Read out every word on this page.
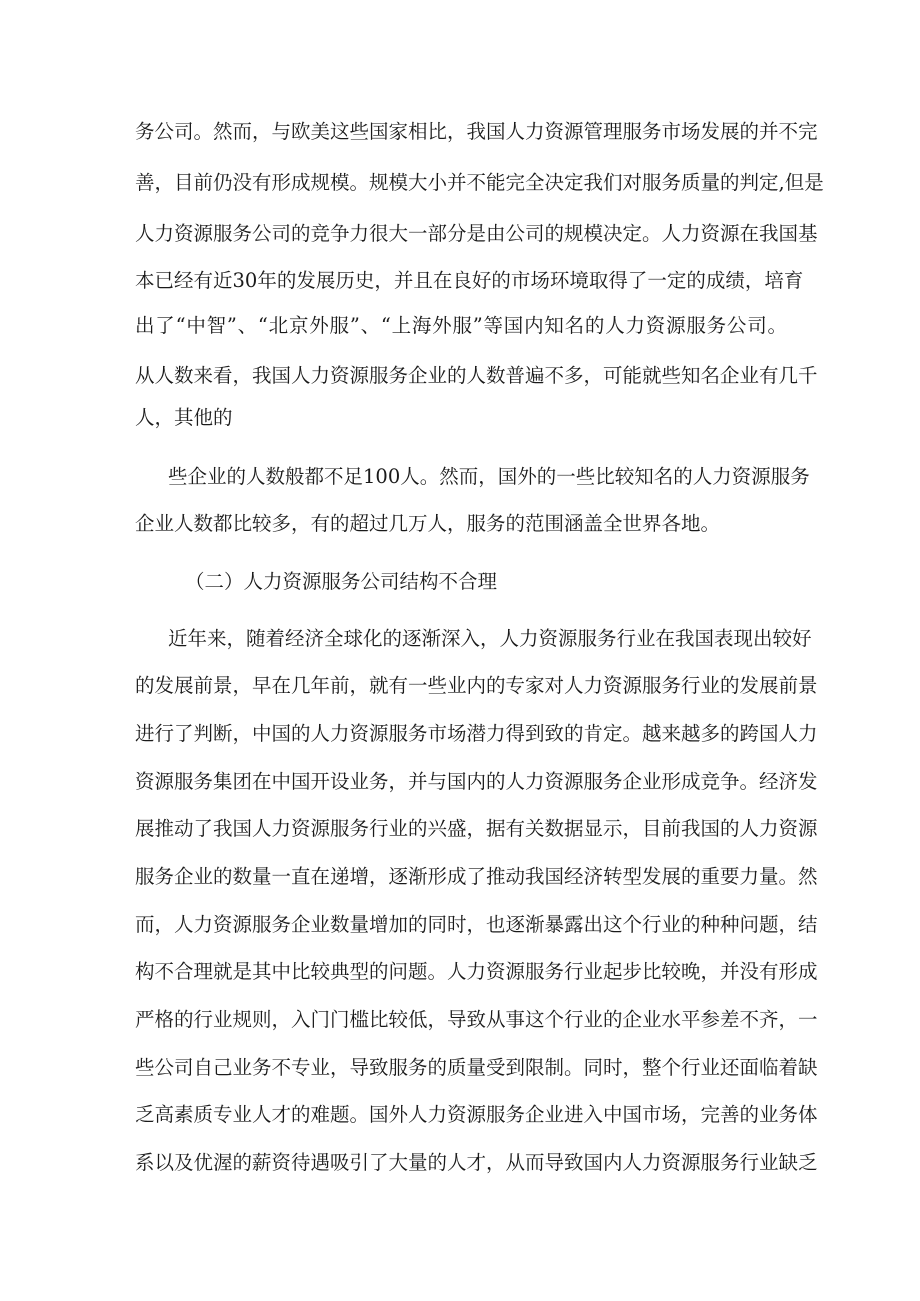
务公司。然而，与欧美这些国家相比，我国人力资源管理服务市场发展的并不完
善，目前仍没有形成规模。规模大小并不能完全决定我们对服务质量的判定,但是
人力资源服务公司的竞争力很大一部分是由公司的规模决定。人力资源在我国基
本已经有近30年的发展历史，并且在良好的市场环境取得了一定的成绩，培育
出了“中智”、“北京外服”、“上海外服”等国内知名的人力资源服务公司。
从人数来看，我国人力资源服务企业的人数普遍不多，可能就些知名企业有几千
人，其他的
些企业的人数般都不足100人。然而，国外的一些比较知名的人力资源服务
企业人数都比较多，有的超过几万人，服务的范围涵盖全世界各地。
（二）人力资源服务公司结构不合理
近年来，随着经济全球化的逐渐深入，人力资源服务行业在我国表现出较好
的发展前景，早在几年前，就有一些业内的专家对人力资源服务行业的发展前景
进行了判断，中国的人力资源服务市场潜力得到致的肯定。越来越多的跨国人力
资源服务集团在中国开设业务，并与国内的人力资源服务企业形成竞争。经济发
展推动了我国人力资源服务行业的兴盛，据有关数据显示，目前我国的人力资源
服务企业的数量一直在递增，逐渐形成了推动我国经济转型发展的重要力量。然
而，人力资源服务企业数量增加的同时，也逐渐暴露出这个行业的种种问题，结
构不合理就是其中比较典型的问题。人力资源服务行业起步比较晚，并没有形成
严格的行业规则，入门门槛比较低，导致从事这个行业的企业水平参差不齐，一
些公司自己业务不专业，导致服务的质量受到限制。同时，整个行业还面临着缺
乏高素质专业人才的难题。国外人力资源服务企业进入中国市场，完善的业务体
系以及优渥的薪资待遇吸引了大量的人才，从而导致国内人力资源服务行业缺乏
